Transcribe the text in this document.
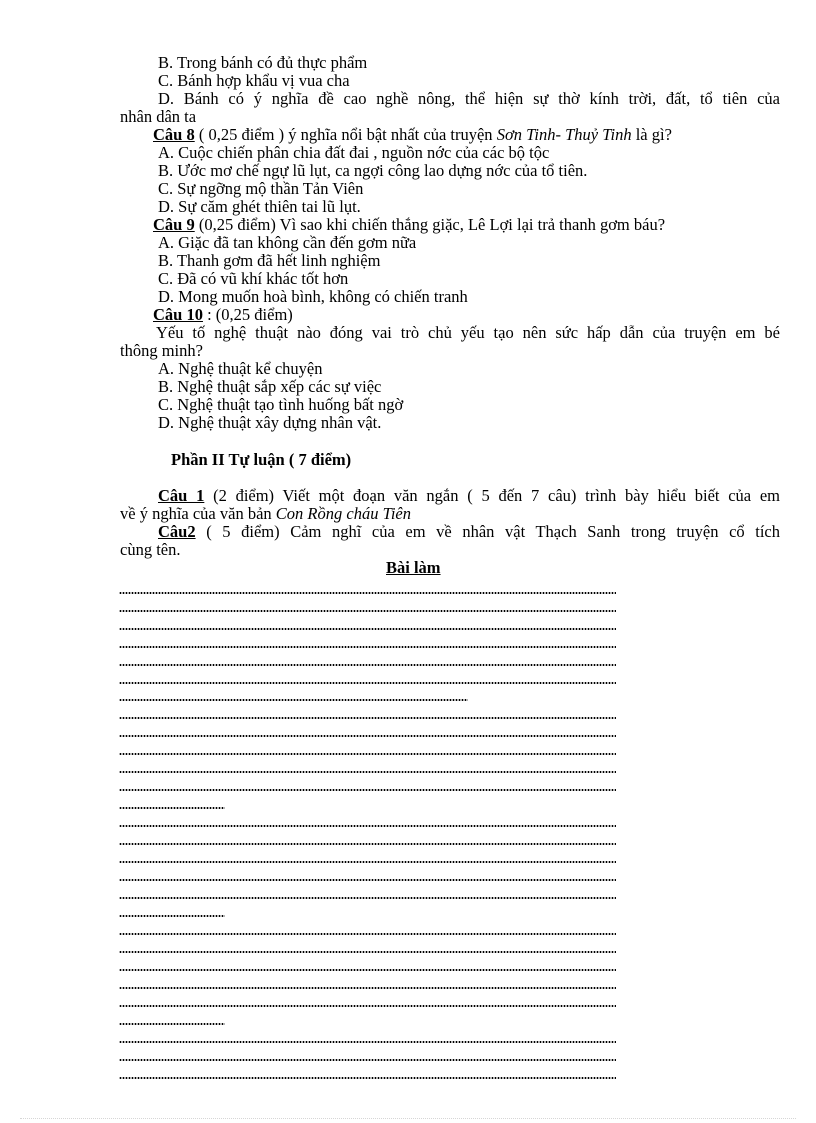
B. Trong bánh có đủ thực phẩm
C. Bánh hợp khẩu vị vua cha
D. Bánh có ý nghĩa đề cao nghề nông, thể hiện sự thờ kính trời, đất, tổ tiên của
nhân dân ta
Câu 8 ( 0,25 điểm ) ý nghĩa nổi bật nhất của truyện Sơn Tinh- Thuỷ Tinh là gì?
A. Cuộc chiến phân chia đất đai , nguồn nớc của các bộ tộc
B. Ước mơ chế ngự lũ lụt, ca ngợi công lao dựng nớc của tổ tiên.
C. Sự ngỡng mộ thần Tản Viên
D. Sự căm ghét thiên tai lũ lụt.
Câu 9 (0,25 điểm) Vì sao khi chiến thắng giặc, Lê Lợi lại trả thanh gơm báu?
A. Giặc đã tan không cần đến gơm nữa
B. Thanh gơm đã hết linh nghiệm
C. Đã có vũ khí khác tốt hơn
D. Mong muốn hoà bình, không có chiến tranh
Câu 10 : (0,25 điểm)
Yếu tố nghệ thuật nào đóng vai trò chủ yếu tạo nên sức hấp dẫn của truyện em bé
thông minh?
A. Nghệ thuật kể chuyện
B. Nghệ thuật sắp xếp các sự việc
C. Nghệ thuật tạo tình huống bất ngờ
D. Nghệ thuật xây dựng nhân vật.
Phần II Tự luận ( 7 điểm)
Câu 1 (2 điểm) Viết một đoạn văn ngắn ( 5 đến 7 câu) trình bày hiểu biết của em
về ý nghĩa của văn bản Con Rồng cháu Tiên
Câu2 ( 5 điểm) Cảm nghĩ của em về nhân vật Thạch Sanh trong truyện cổ tích
cùng tên.
Bài làm
